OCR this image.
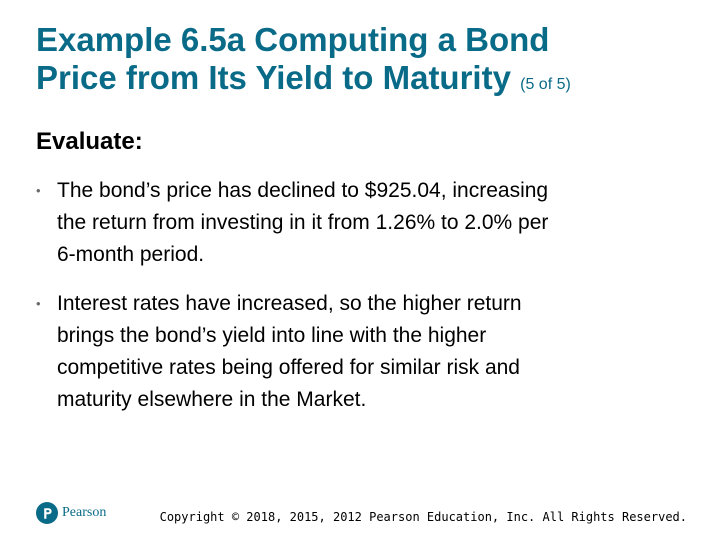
Example 6.5a Computing a Bond
Price from Its Yield to Maturity (5 of 5)
Evaluate:
• The bond’s price has declined to $925.04, increasing
the return from investing in it from 1.26% to 2.0% per
6-month period.
• Interest rates have increased, so the higher return
brings the bond’s yield into line with the higher
competitive rates being offered for similar risk and
maturity elsewhere in the Market.
Pearson	Copyright © 2018, 2015, 2012 Pearson Education, Inc. All Rights Reserved.
